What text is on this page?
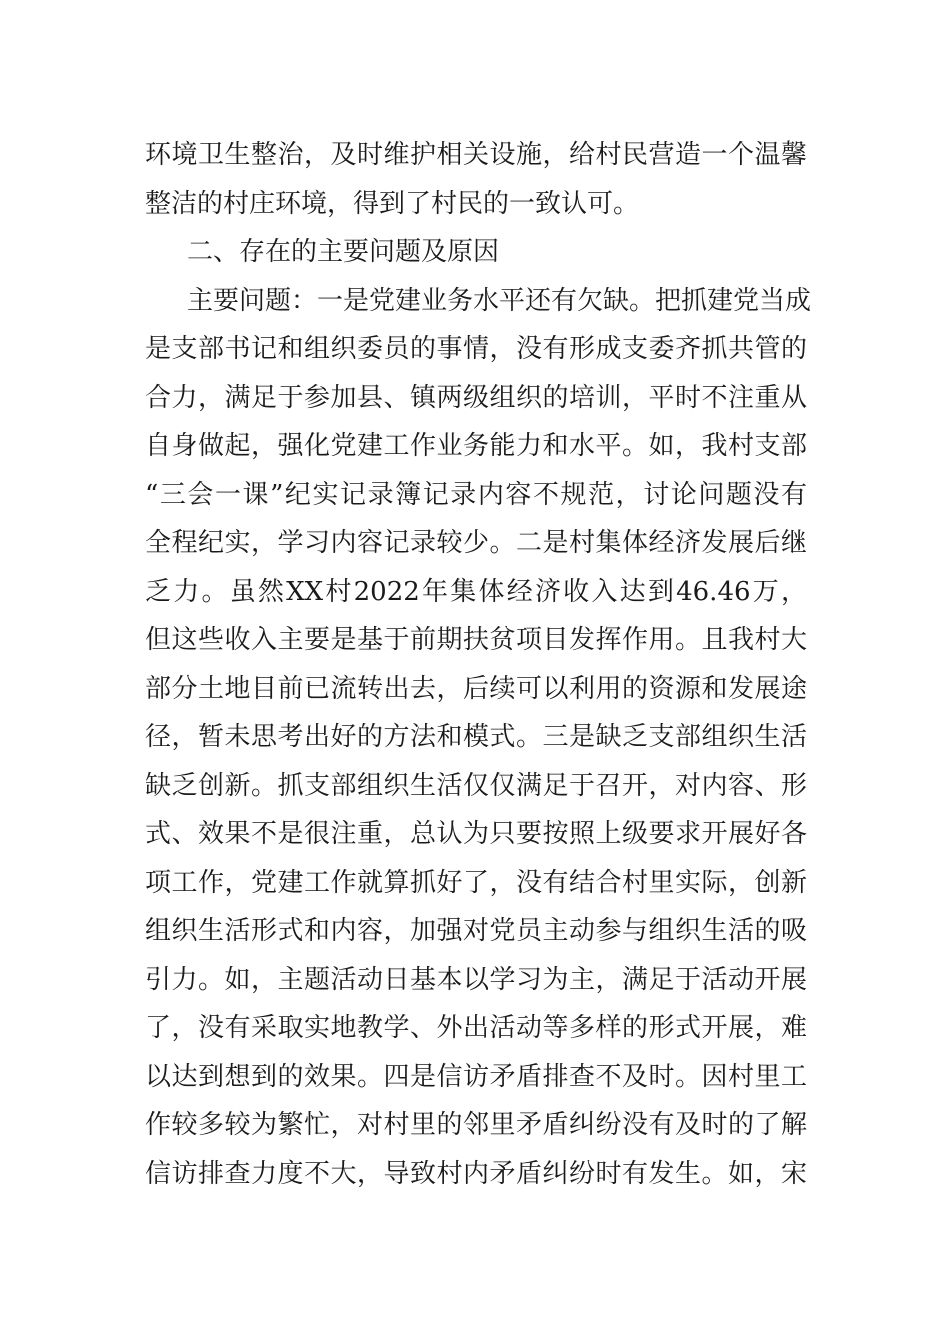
环境卫生整治，及时维护相关设施，给村民营造一个温馨
整洁的村庄环境，得到了村民的一致认可。
二、存在的主要问题及原因
主要问题：一是党建业务水平还有欠缺。把抓建党当成
是支部书记和组织委员的事情，没有形成支委齐抓共管的
合力，满足于参加县、镇两级组织的培训，平时不注重从
自身做起，强化党建工作业务能力和水平。如，我村支部
“三会一课”纪实记录簿记录内容不规范，讨论问题没有
全程纪实，学习内容记录较少。二是村集体经济发展后继
乏力。虽然XX村2022年集体经济收入达到46.46万，
但这些收入主要是基于前期扶贫项目发挥作用。且我村大
部分土地目前已流转出去，后续可以利用的资源和发展途
径，暂未思考出好的方法和模式。三是缺乏支部组织生活
缺乏创新。抓支部组织生活仅仅满足于召开，对内容、形
式、效果不是很注重，总认为只要按照上级要求开展好各
项工作，党建工作就算抓好了，没有结合村里实际，创新
组织生活形式和内容，加强对党员主动参与组织生活的吸
引力。如，主题活动日基本以学习为主，满足于活动开展
了，没有采取实地教学、外出活动等多样的形式开展，难
以达到想到的效果。四是信访矛盾排查不及时。因村里工
作较多较为繁忙，对村里的邻里矛盾纠纷没有及时的了解
信访排查力度不大，导致村内矛盾纠纷时有发生。如，宋
